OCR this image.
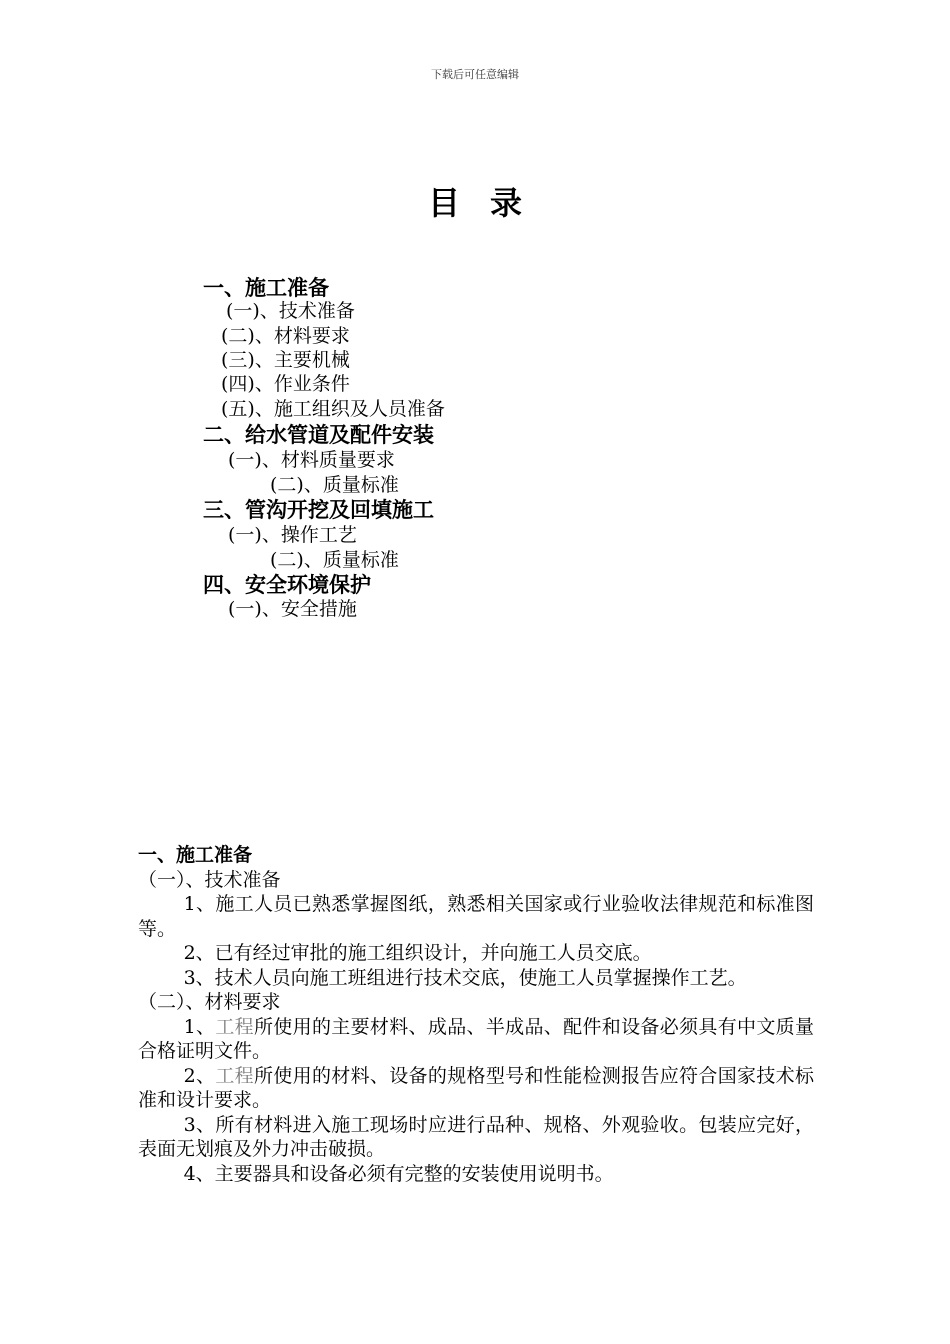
下载后可任意编辑
目录
一、施工准备
(一)、技术准备
(二)、材料要求
(三)、主要机械
(四)、作业条件
(五)、施工组织及人员准备
二、给水管道及配件安装
(一)、材料质量要求
(二)、质量标准
三、管沟开挖及回填施工
(一)、操作工艺
(二)、质量标准
四、安全环境保护
(一)、安全措施
一、施工准备
（一）、技术准备
1、施工人员已熟悉掌握图纸，熟悉相关国家或行业验收法律规范和标准图等。
2、已有经过审批的施工组织设计，并向施工人员交底。
3、技术人员向施工班组进行技术交底，使施工人员掌握操作工艺。
（二）、材料要求
1、工程所使用的主要材料、成品、半成品、配件和设备必须具有中文质量合格证明文件。
2、工程所使用的材料、设备的规格型号和性能检测报告应符合国家技术标准和设计要求。
3、所有材料进入施工现场时应进行品种、规格、外观验收。包装应完好，表面无划痕及外力冲击破损。
4、主要器具和设备必须有完整的安装使用说明书。
